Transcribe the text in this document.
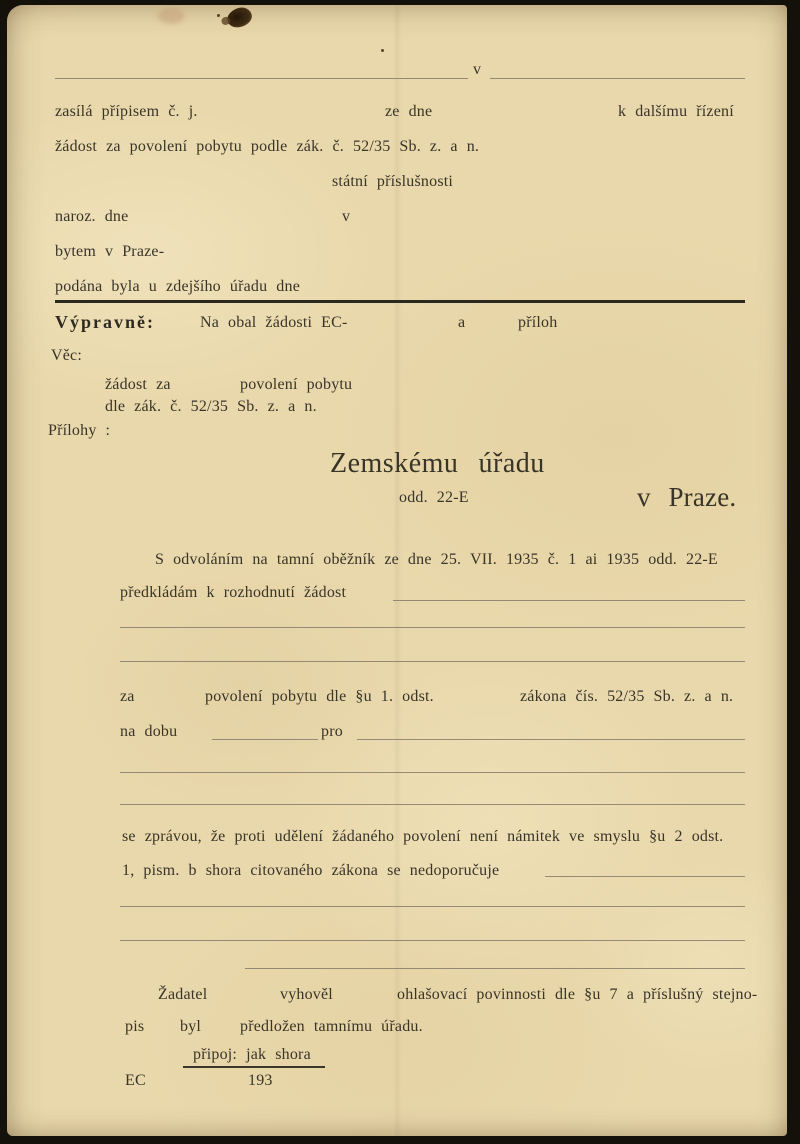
v
zasílá přípisem č. j.	ze dne	k dalšímu řízení
žádost za povolení pobytu podle zák. č. 52/35 Sb. z. a n.
státní příslušnosti
naroz. dne	v
bytem v Praze-
podána byla u zdejšího úřadu dne
Výpravně:	Na obal žádosti EC-	a	příloh
Věc:
žádost za	povolení pobytu
dle zák. č. 52/35 Sb. z. a n.
Přílohy :
Zemskému úřadu
odd. 22-E	v Praze.
S odvoláním na tamní oběžník ze dne 25. VII. 1935 č. 1 ai 1935 odd. 22-E
předkládám k rozhodnutí žádost
za	povolení pobytu dle §u 1. odst.	zákona čís. 52/35 Sb. z. a n.
na dobu	pro
se zprávou, že proti udělení žádaného povolení není námitek ve smyslu §u 2 odst.
1, pism. b shora citovaného zákona se nedoporučuje
Žadatel	vyhověl	ohlašovací povinnosti dle §u 7 a příslušný stejno-
pis byl předložen tamnímu úřadu.
připoj: jak shora
EC	193
